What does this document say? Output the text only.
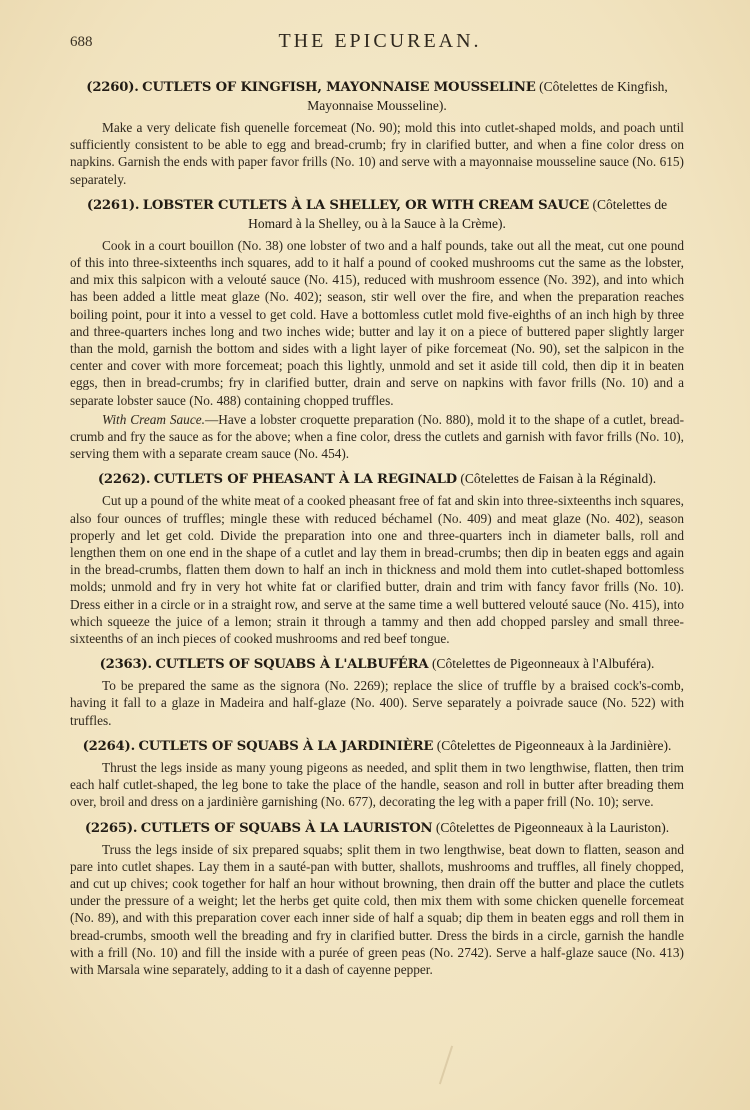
688	THE EPICUREAN.

(2260). CUTLETS OF KINGFISH, MAYONNAISE MOUSSELINE (Côtelettes de Kingfish, Mayonnaise Mousseline).

Make a very delicate fish quenelle forcemeat (No. 90); mold this into cutlet-shaped molds, and poach until sufficiently consistent to be able to egg and bread-crumb; fry in clarified butter, and when a fine color dress on napkins. Garnish the ends with paper favor frills (No. 10) and serve with a mayonnaise mousseline sauce (No. 615) separately.

(2261). LOBSTER CUTLETS À LA SHELLEY, OR WITH CREAM SAUCE (Côtelettes de Homard à la Shelley, ou à la Sauce à la Crème).

Cook in a court bouillon (No. 38) one lobster of two and a half pounds, take out all the meat, cut one pound of this into three-sixteenths inch squares, add to it half a pound of cooked mushrooms cut the same as the lobster, and mix this salpicon with a velouté sauce (No. 415), reduced with mushroom essence (No. 392), and into which has been added a little meat glaze (No. 402); season, stir well over the fire, and when the preparation reaches boiling point, pour it into a vessel to get cold. Have a bottomless cutlet mold five-eighths of an inch high by three and three-quarters inches long and two inches wide; butter and lay it on a piece of buttered paper slightly larger than the mold, garnish the bottom and sides with a light layer of pike forcemeat (No. 90), set the salpicon in the center and cover with more forcemeat; poach this lightly, unmold and set it aside till cold, then dip it in beaten eggs, then in bread-crumbs; fry in clarified butter, drain and serve on napkins with favor frills (No. 10) and a separate lobster sauce (No. 488) containing chopped truffles.

With Cream Sauce.—Have a lobster croquette preparation (No. 880), mold it to the shape of a cutlet, bread-crumb and fry the sauce as for the above; when a fine color, dress the cutlets and garnish with favor frills (No. 10), serving them with a separate cream sauce (No. 454).

(2262). CUTLETS OF PHEASANT À LA REGINALD (Côtelettes de Faisan à la Réginald).

Cut up a pound of the white meat of a cooked pheasant free of fat and skin into three-sixteenths inch squares, also four ounces of truffles; mingle these with reduced béchamel (No. 409) and meat glaze (No. 402), season properly and let get cold. Divide the preparation into one and three-quarters inch in diameter balls, roll and lengthen them on one end in the shape of a cutlet and lay them in bread-crumbs; then dip in beaten eggs and again in the bread-crumbs, flatten them down to half an inch in thickness and mold them into cutlet-shaped bottomless molds; unmold and fry in very hot white fat or clarified butter, drain and trim with fancy favor frills (No. 10). Dress either in a circle or in a straight row, and serve at the same time a well buttered velouté sauce (No. 415), into which squeeze the juice of a lemon; strain it through a tammy and then add chopped parsley and small three-sixteenths of an inch pieces of cooked mushrooms and red beef tongue.

(2363). CUTLETS OF SQUABS À L'ALBUFÉRA (Côtelettes de Pigeonneaux à l'Albuféra).

To be prepared the same as the signora (No. 2269); replace the slice of truffle by a braised cock's-comb, having it fall to a glaze in Madeira and half-glaze (No. 400). Serve separately a poivrade sauce (No. 522) with truffles.

(2264). CUTLETS OF SQUABS À LA JARDINIÈRE (Côtelettes de Pigeonneaux à la Jardinière).

Thrust the legs inside as many young pigeons as needed, and split them in two lengthwise, flatten, then trim each half cutlet-shaped, the leg bone to take the place of the handle, season and roll in butter after breading them over, broil and dress on a jardinière garnishing (No. 677), decorating the leg with a paper frill (No. 10); serve.

(2265). CUTLETS OF SQUABS À LA LAURISTON (Côtelettes de Pigeonneaux à la Lauriston).

Truss the legs inside of six prepared squabs; split them in two lengthwise, beat down to flatten, season and pare into cutlet shapes. Lay them in a sauté-pan with butter, shallots, mushrooms and truffles, all finely chopped, and cut up chives; cook together for half an hour without browning, then drain off the butter and place the cutlets under the pressure of a weight; let the herbs get quite cold, then mix them with some chicken quenelle forcemeat (No. 89), and with this preparation cover each inner side of half a squab; dip them in beaten eggs and roll them in bread-crumbs, smooth well the breading and fry in clarified butter. Dress the birds in a circle, garnish the handle with a frill (No. 10) and fill the inside with a purée of green peas (No. 2742). Serve a half-glaze sauce (No. 413) with Marsala wine separately, adding to it a dash of cayenne pepper.
